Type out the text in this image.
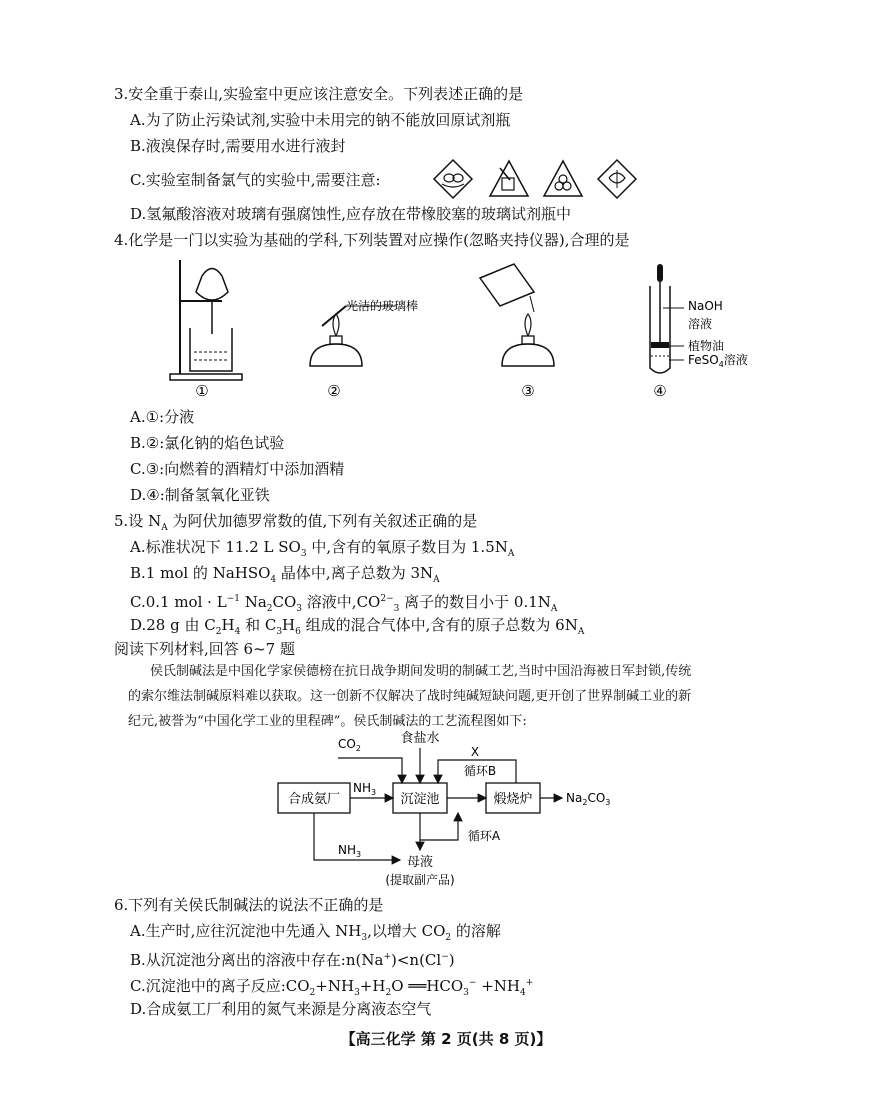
3.安全重于泰山,实验室中更应该注意安全。下列表述正确的是
A.为了防止污染试剂,实验中未用完的钠不能放回原试剂瓶
B.液溴保存时,需要用水进行液封
C.实验室制备氯气的实验中,需要注意:
D.氢氟酸溶液对玻璃有强腐蚀性,应存放在带橡胶塞的玻璃试剂瓶中
4.化学是一门以实验为基础的学科,下列装置对应操作(忽略夹持仪器),合理的是
①
光洁的玻璃棒
②	③
NaOH
溶液
植物油
FeSO$_4$溶液
④
A.①:分液
B.②:氯化钠的焰色试验
C.③:向燃着的酒精灯中添加酒精
D.④:制备氢氧化亚铁
5.设 $N_A$ 为阿伏加德罗常数的值,下列有关叙述正确的是
A.标准状况下 11.2 L $SO_3$ 中,含有的氧原子数目为 $1.5N_A$
B.1 mol 的 NaHSO$_4$ 晶体中,离子总数为 $3N_A$
C.0.1 mol · $L^{-1}$ $Na_2CO_3$ 溶液中$,CO^{2-}_3$ 离子的数目小于 $0.1N_A$
D.28 g 由 $C_2H_4$ 和 $C_3H_6$ 组成的混合气体中,含有的原子总数为 $6N_A$
阅读下列材料,回答 6~7 题
侯氏制碱法是中国化学家侯德榜在抗日战争期间发明的制碱工艺,当时中国沿海被日军封锁,传统
的索尔维法制碱原料难以获取。这一创新不仅解决了战时纯碱短缺问题,更开创了世界制碱工业的新
纪元,被誉为“中国化学工业的里程碑”。侯氏制碱法的工艺流程图如下:
合成氨厂	沉淀池	煅烧炉
$CO_2$
食盐水
X
循环B
$NH_3$	$Na_2CO_3$
循环A
$NH_3$
母液
(提取副产品)
6.下列有关侯氏制碱法的说法不正确的是
A.生产时,应往沉淀池中先通入 $NH_3$,以增大 $CO_2$ 的溶解
B.从沉淀池分离出的溶液中存在:n(Na+)<n(Cl−)
C.沉淀池中的离子反应$:CO_2+NH_3+H_2O$ $══HCO_3^- +NH_4^+$
D.合成氨工厂利用的氮气来源是分离液态空气
【高三化学 第 2 页(共 8 页)】
